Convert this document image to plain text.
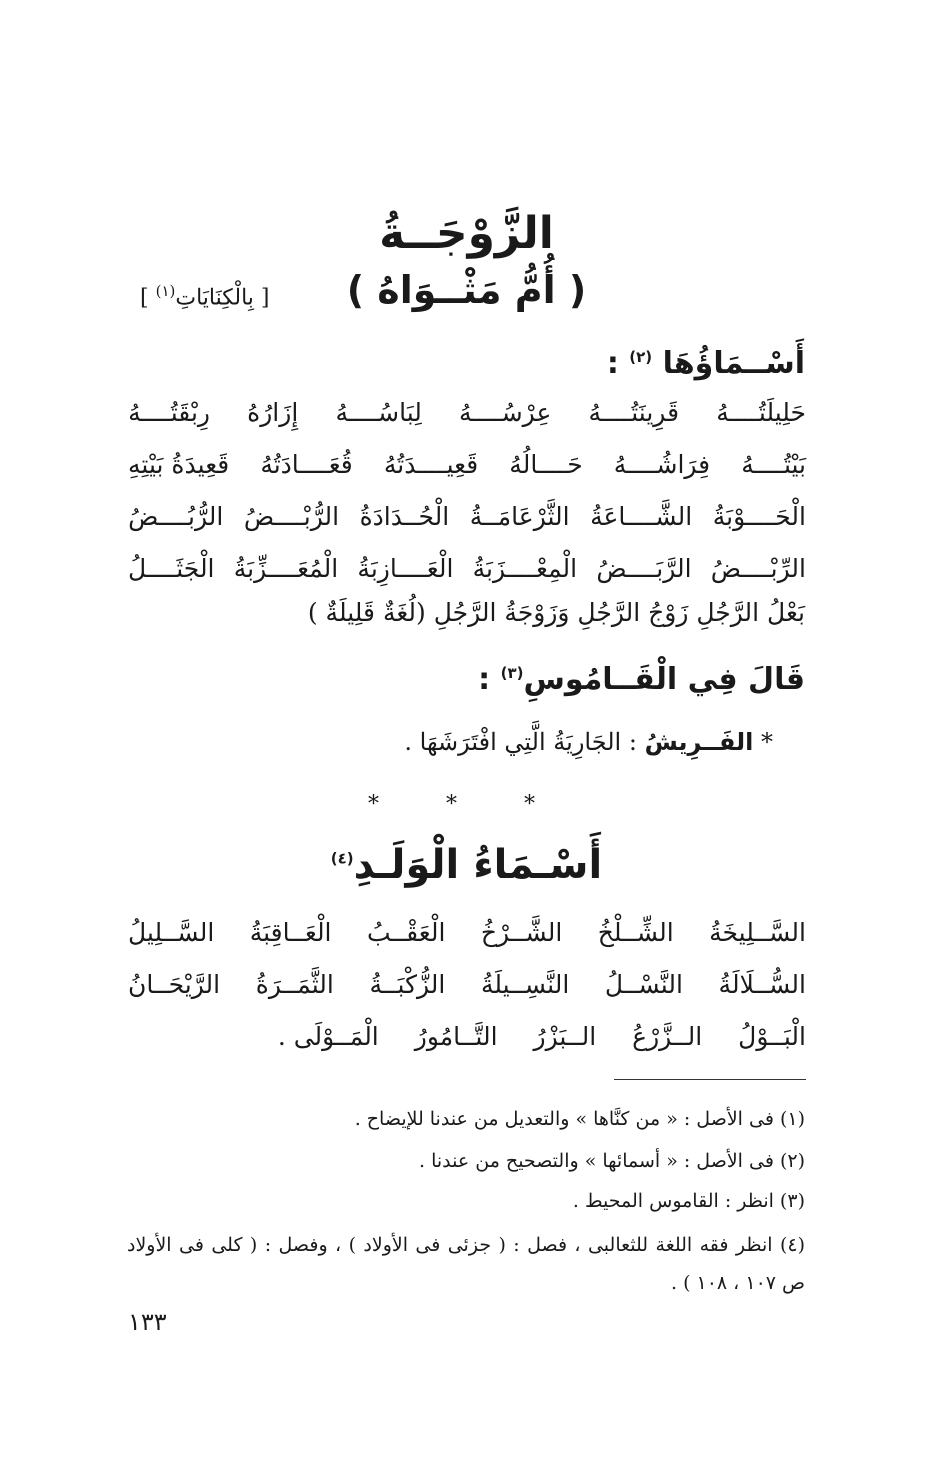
الزَّوْجَــةُ
( أُمُّ مَثْــوَاهُ )
[ بِالْكِنَايَاتِ$^{(١)}$ ]
أَسْــمَاؤُهَا $^{(٢)}$ :
حَلِيلَتُــــهُ
قَرِينَتُــــهُ
عِرْسُــــهُ
لِبَاسُــــهُ
إِزَارُهُ
رِبْقَتُــــهُ
بَيْتُــــهُ
فِرَاشُــــهُ
حَــــالُهُ
قَعِيــــدَتُهُ
قُعَــــادَتُهُ
قَعِيدَةُ بَيْتِهِ
الْحَــــوْبَةُ
الشَّــــاعَةُ
الثَّرْعَامَــةُ
الْحُــدَادَةُ
الرُّبْــــضُ
الرُّبُــــضُ
الرِّبْــــضُ
الرَّبَــــضُ
الْمِعْــــزَبَةُ
الْعَــــازِبَةُ
الْمُعَــــزِّبَةُ
الْجَثَــــلُ
بَعْلُ الرَّجُلِ زَوْجُ الرَّجُلِ وَزَوْجَةُ الرَّجُلِ (لُغَةٌ قَلِيلَةٌ )
قَالَ فِي الْقَــامُوسِ$^{(٣)}$ :
* الفَــرِيشُ : الجَارِيَةُ الَّتِي افْتَرَشَهَا .
* * *
أَسْـمَاءُ الْوَلَـدِ$^{(٤)}$
السَّــلِيخَةُ
الشِّــلْخُ
الشَّــرْخُ
الْعَقْــبُ
الْعَــاقِبَةُ
السَّــلِيلُ
السُّــلَالَةُ
النَّسْــلُ
النَّسِــيلَةُ
الزُّكْبَــةُ
الثَّمَــرَةُ
الرَّيْحَــانُ
الْبَــوْلُ
الــزَّرْعُ
الــبَزْرُ
التَّــامُورُ
الْمَــوْلَى .
(١) فى الأصل : « من كنَّاها » والتعديل من عندنا للإيضاح .
(٢) فى الأصل : « أسمائها » والتصحيح من عندنا .
(٣) انظر : القاموس المحيط .
(٤) انظر فقه اللغة للثعالبى ، فصل : ( جزئى فى الأولاد ) ، وفصل : ( كلى فى الأولاد ص ١٠٧ ، ١٠٨ ) .
١٣٣
